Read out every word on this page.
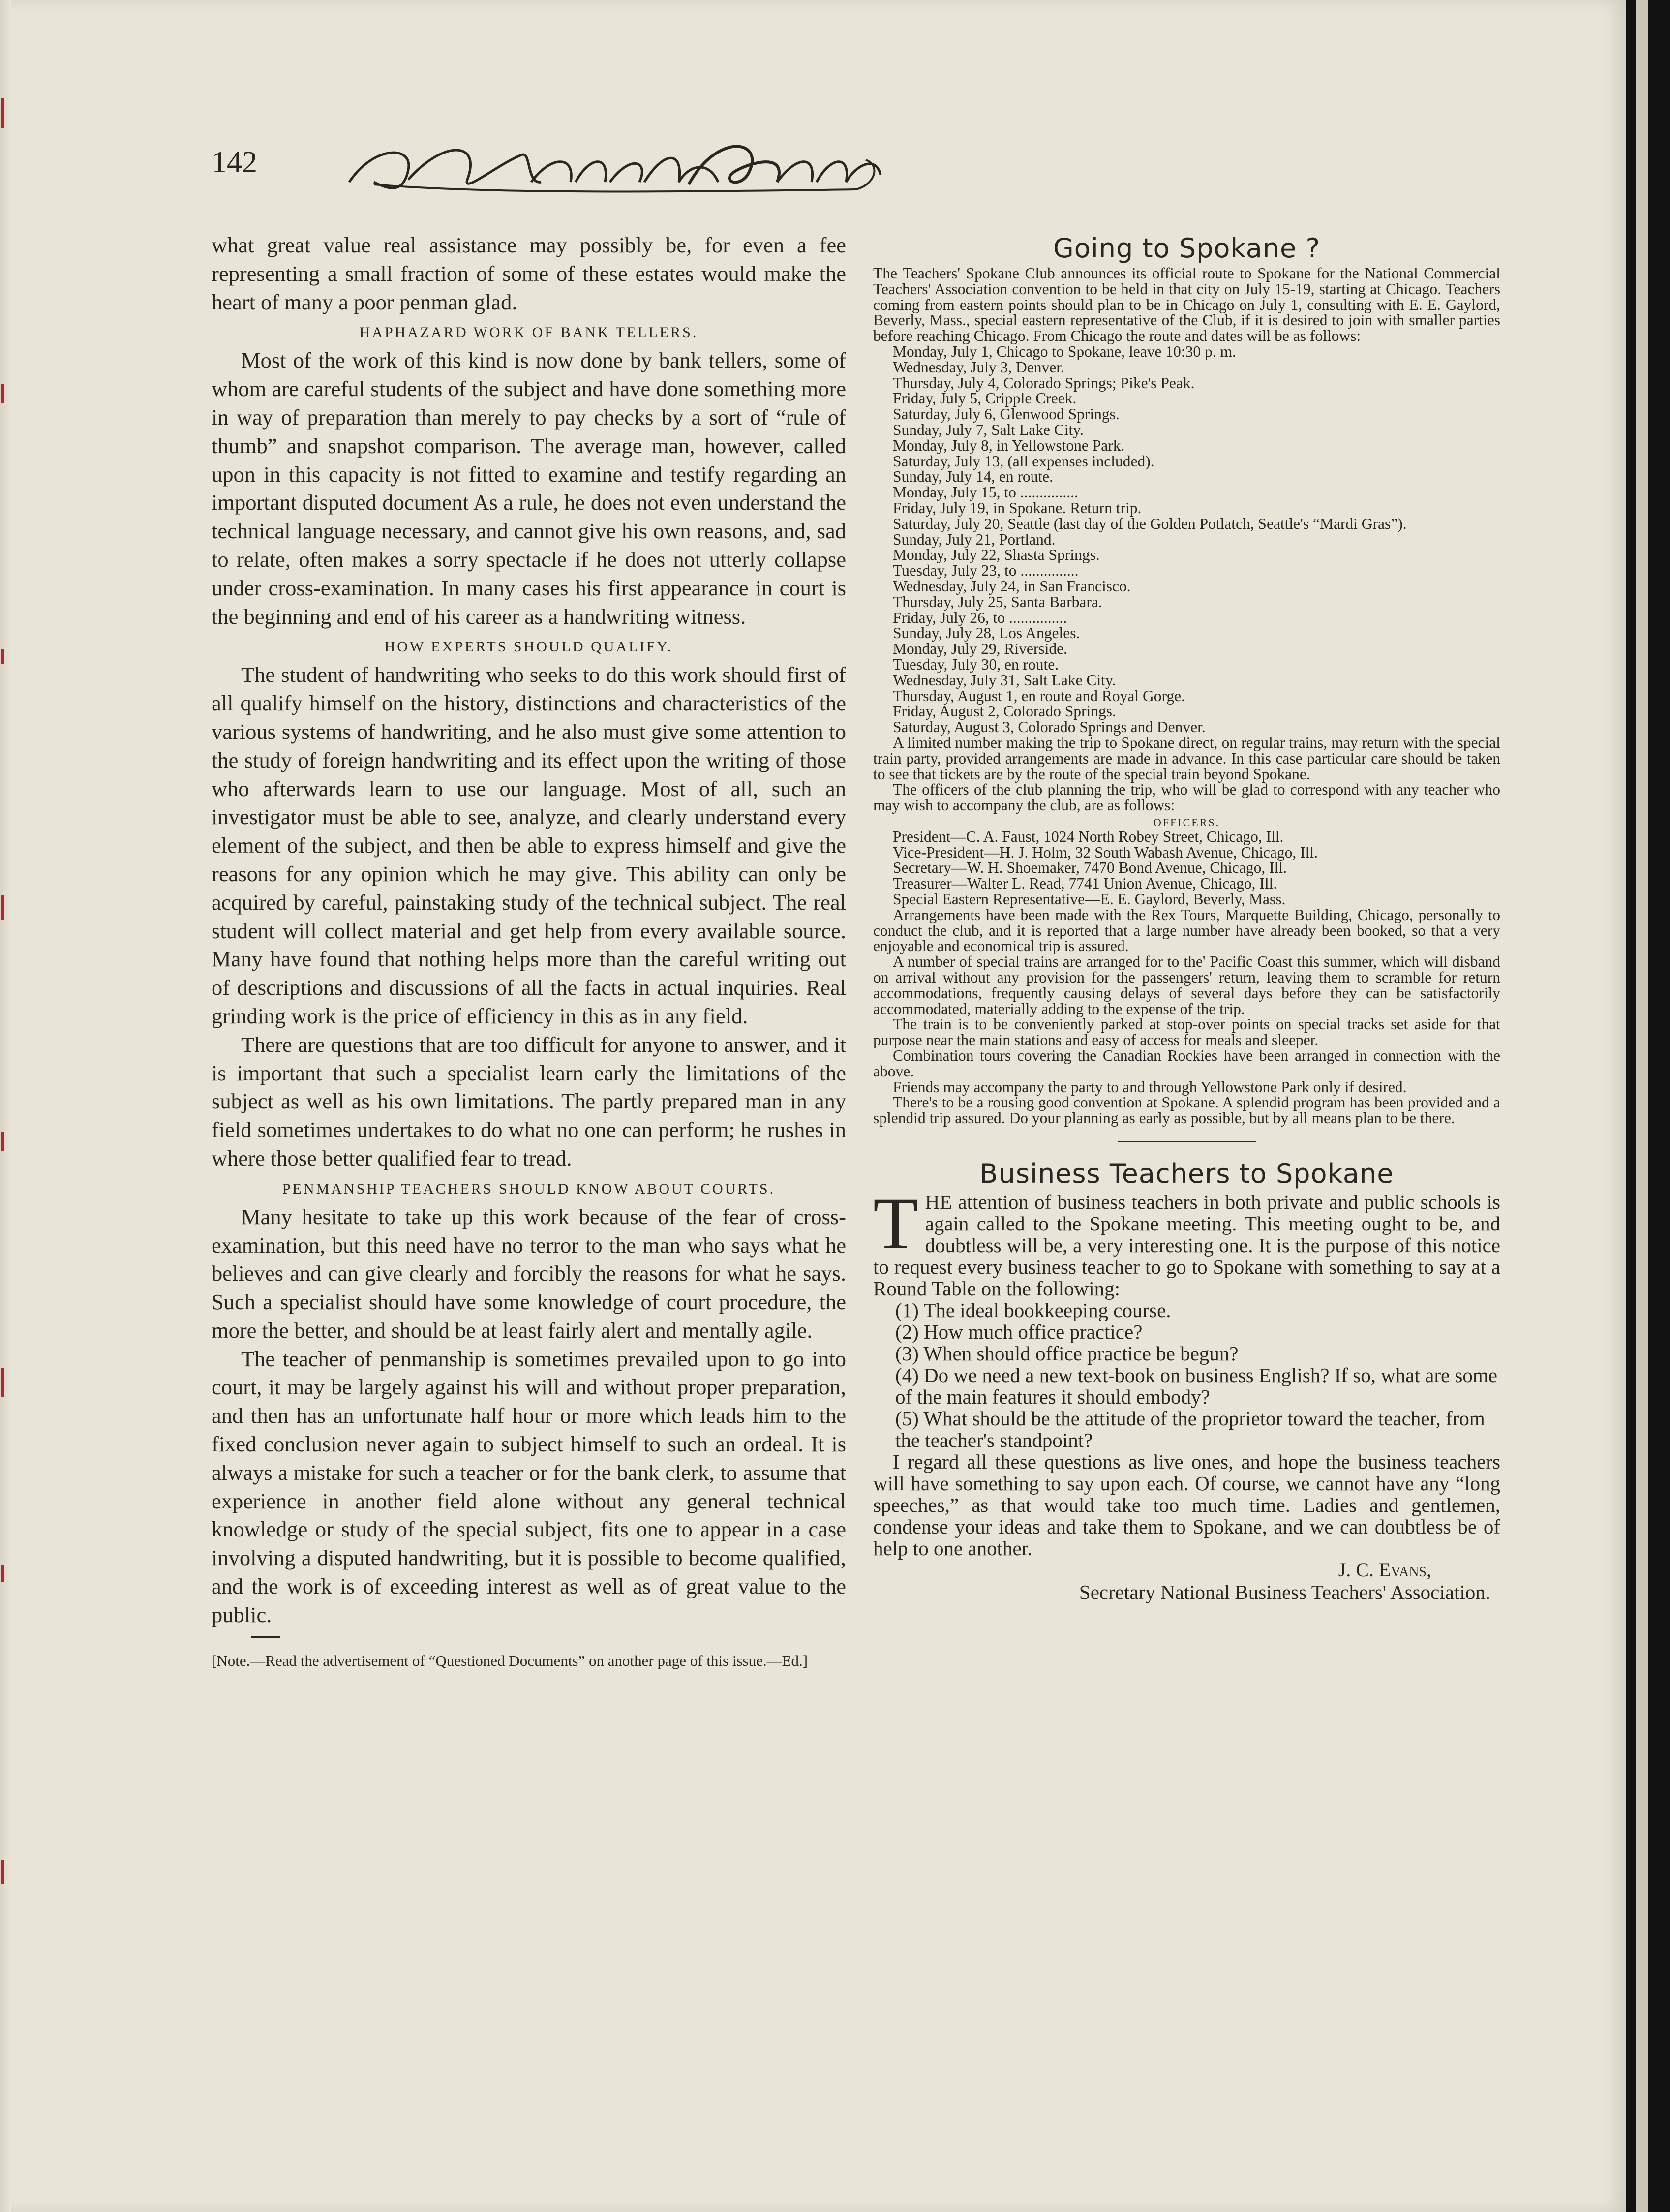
142

what great value real assistance may possibly be, for even a fee representing a small fraction of some of these estates would make the heart of many a poor penman glad.

HAPHAZARD WORK OF BANK TELLERS.

Most of the work of this kind is now done by bank tellers, some of whom are careful students of the subject and have done something more in way of preparation than merely to pay checks by a sort of “rule of thumb” and snapshot comparison. The average man, however, called upon in this capacity is not fitted to examine and testify regarding an important disputed document As a rule, he does not even understand the technical language necessary, and cannot give his own reasons, and, sad to relate, often makes a sorry spectacle if he does not utterly collapse under cross-examination. In many cases his first appearance in court is the beginning and end of his career as a handwriting witness.

HOW EXPERTS SHOULD QUALIFY.

The student of handwriting who seeks to do this work should first of all qualify himself on the history, distinctions and characteristics of the various systems of handwriting, and he also must give some attention to the study of foreign handwriting and its effect upon the writing of those who afterwards learn to use our language. Most of all, such an investigator must be able to see, analyze, and clearly understand every element of the subject, and then be able to express himself and give the reasons for any opinion which he may give. This ability can only be acquired by careful, painstaking study of the technical subject. The real student will collect material and get help from every available source. Many have found that nothing helps more than the careful writing out of descriptions and discussions of all the facts in actual inquiries. Real grinding work is the price of efficiency in this as in any field.

There are questions that are too difficult for anyone to answer, and it is important that such a specialist learn early the limitations of the subject as well as his own limitations. The partly prepared man in any field sometimes undertakes to do what no one can perform; he rushes in where those better qualified fear to tread.

PENMANSHIP TEACHERS SHOULD KNOW ABOUT COURTS.

Many hesitate to take up this work because of the fear of cross-examination, but this need have no terror to the man who says what he believes and can give clearly and forcibly the reasons for what he says. Such a specialist should have some knowledge of court procedure, the more the better, and should be at least fairly alert and mentally agile.

The teacher of penmanship is sometimes prevailed upon to go into court, it may be largely against his will and without proper preparation, and then has an unfortunate half hour or more which leads him to the fixed conclusion never again to subject himself to such an ordeal. It is always a mistake for such a teacher or for the bank clerk, to assume that experience in another field alone without any general technical knowledge or study of the special subject, fits one to appear in a case involving a disputed handwriting, but it is possible to become qualified, and the work is of exceeding interest as well as of great value to the public.

[Note.—Read the advertisement of “Questioned Documents” on another page of this issue.—Ed.]

Going to Spokane ?

The Teachers' Spokane Club announces its official route to Spokane for the National Commercial Teachers' Association convention to be held in that city on July 15-19, starting at Chicago. Teachers coming from eastern points should plan to be in Chicago on July 1, consulting with E. E. Gaylord, Beverly, Mass., special eastern representative of the Club, if it is desired to join with smaller parties before reaching Chicago. From Chicago the route and dates will be as follows:

Monday, July 1, Chicago to Spokane, leave 10:30 p. m.
Wednesday, July 3, Denver.
Thursday, July 4, Colorado Springs; Pike's Peak.
Friday, July 5, Cripple Creek.
Saturday, July 6, Glenwood Springs.
Sunday, July 7, Salt Lake City.
Monday, July 8, in Yellowstone Park.
Saturday, July 13, (all expenses included).
Sunday, July 14, en route.
Monday, July 15, to ...............
Friday, July 19, in Spokane. Return trip.
Saturday, July 20, Seattle (last day of the Golden Potlatch, Seattle's “Mardi Gras”).
Sunday, July 21, Portland.
Monday, July 22, Shasta Springs.
Tuesday, July 23, to ...............
Wednesday, July 24, in San Francisco.
Thursday, July 25, Santa Barbara.
Friday, July 26, to ...............
Sunday, July 28, Los Angeles.
Monday, July 29, Riverside.
Tuesday, July 30, en route.
Wednesday, July 31, Salt Lake City.
Thursday, August 1, en route and Royal Gorge.
Friday, August 2, Colorado Springs.
Saturday, August 3, Colorado Springs and Denver.

A limited number making the trip to Spokane direct, on regular trains, may return with the special train party, provided arrangements are made in advance. In this case particular care should be taken to see that tickets are by the route of the special train beyond Spokane.

The officers of the club planning the trip, who will be glad to correspond with any teacher who may wish to accompany the club, are as follows:

OFFICERS.
President—C. A. Faust, 1024 North Robey Street, Chicago, Ill.
Vice-President—H. J. Holm, 32 South Wabash Avenue, Chicago, Ill.
Secretary—W. H. Shoemaker, 7470 Bond Avenue, Chicago, Ill.
Treasurer—Walter L. Read, 7741 Union Avenue, Chicago, Ill.
Special Eastern Representative—E. E. Gaylord, Beverly, Mass.

Arrangements have been made with the Rex Tours, Marquette Building, Chicago, personally to conduct the club, and it is reported that a large number have already been booked, so that a very enjoyable and economical trip is assured.

A number of special trains are arranged for to the' Pacific Coast this summer, which will disband on arrival without any provision for the passengers' return, leaving them to scramble for return accommodations, frequently causing delays of several days before they can be satisfactorily accommodated, materially adding to the expense of the trip.

The train is to be conveniently parked at stop-over points on special tracks set aside for that purpose near the main stations and easy of access for meals and sleeper.

Combination tours covering the Canadian Rockies have been arranged in connection with the above.

Friends may accompany the party to and through Yellowstone Park only if desired.

There's to be a rousing good convention at Spokane. A splendid program has been provided and a splendid trip assured. Do your planning as early as possible, but by all means plan to be there.

Business Teachers to Spokane

THE attention of business teachers in both private and public schools is again called to the Spokane meeting. This meeting ought to be, and doubtless will be, a very interesting one. It is the purpose of this notice to request every business teacher to go to Spokane with something to say at a Round Table on the following:

(1) The ideal bookkeeping course.
(2) How much office practice?
(3) When should office practice be begun?
(4) Do we need a new text-book on business English? If so, what are some of the main features it should embody?
(5) What should be the attitude of the proprietor toward the teacher, from the teacher's standpoint?

I regard all these questions as live ones, and hope the business teachers will have something to say upon each. Of course, we cannot have any “long speeches,” as that would take too much time. Ladies and gentlemen, condense your ideas and take them to Spokane, and we can doubtless be of help to one another.

J. C. Evans,
Secretary National Business Teachers' Association.
